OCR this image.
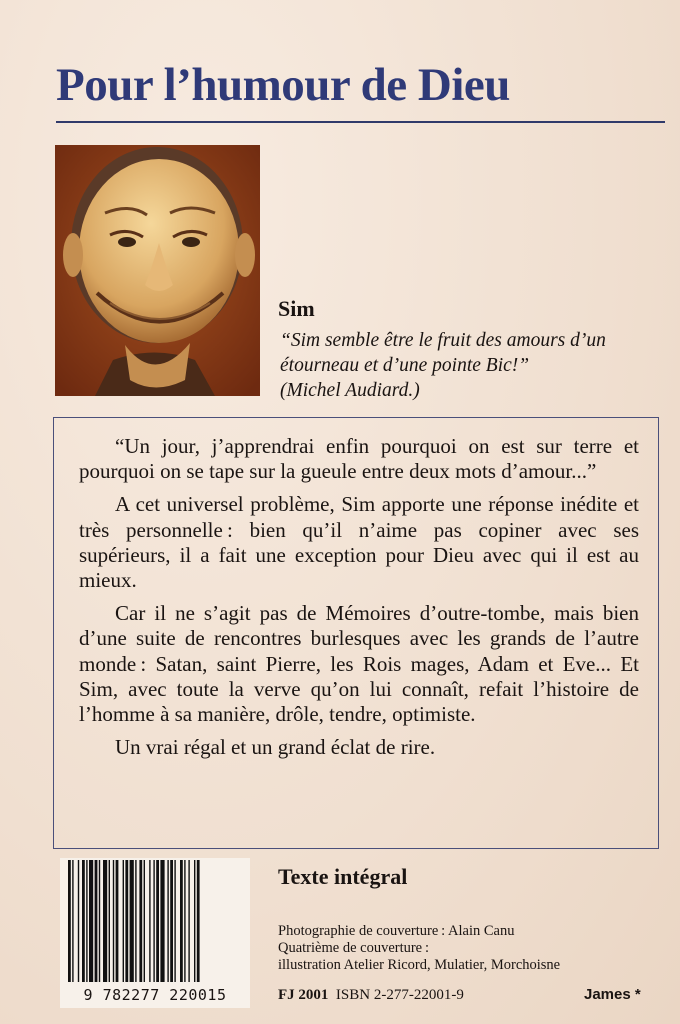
Pour l’humour de Dieu
Sim

“Sim semble être le fruit des amours d’un

étourneau et d’une pointe Bic!”

(Michel Audiard.)

“Un jour, j’apprendrai enfin pourquoi on est sur terre et pourquoi on se tape sur la gueule entre deux mots d’amour...”

A cet universel problème, Sim apporte une réponse inédite et très personnelle : bien qu’il n’aime pas copiner avec ses supérieurs, il a fait une exception pour Dieu avec qui il est au mieux.

Car il ne s’agit pas de Mémoires d’outre-tombe, mais bien d’une suite de rencontres burlesques avec les grands de l’autre monde : Satan, saint Pierre, les Rois mages, Adam et Eve... Et Sim, avec toute la verve qu’on lui connaît, refait l’histoire de l’homme à sa manière, drôle, tendre, optimiste.

Un vrai régal et un grand éclat de rire.

9 782277 220015
Texte intégral
Photographie de couverture : Alain Canu
Quatrième de couverture :
illustration Atelier Ricord, Mulatier, Morchoisne
FJ 2001 ISBN 2-277-22001-9	James *
